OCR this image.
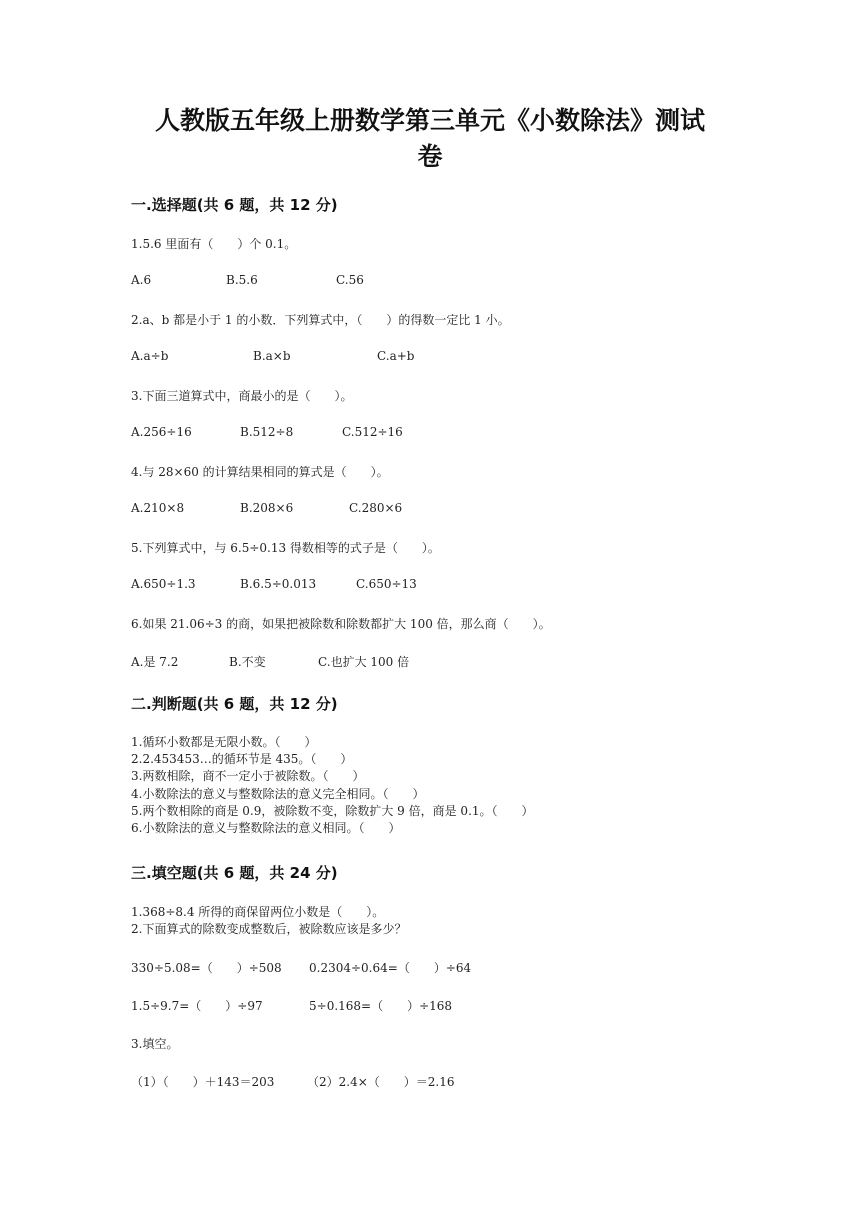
人教版五年级上册数学第三单元《小数除法》测试
卷
一.选择题(共 6 题，共 12 分)
1.5.6 里面有（　　）个 0.1。
A.6	B.5.6	C.56
2.a、b 都是小于 1 的小数．下列算式中，（　　）的得数一定比 1 小。
A.a÷b	B.a×b	C.a+b
3.下面三道算式中，商最小的是（　　）。
A.256÷16	B.512÷8	C.512÷16
4.与 28×60 的计算结果相同的算式是（　　）。
A.210×8	B.208×6	C.280×6
5.下列算式中，与 6.5÷0.13 得数相等的式子是（　　）。
A.650÷1.3	B.6.5÷0.013	C.650÷13
6.如果 21.06÷3 的商，如果把被除数和除数都扩大 100 倍，那么商（　　）。
A.是 7.2	B.不变	C.也扩大 100 倍
二.判断题(共 6 题，共 12 分)
1.循环小数都是无限小数。（　　）
2.2.453453…的循环节是 435。（　　）
3.两数相除，商不一定小于被除数。（　　）
4.小数除法的意义与整数除法的意义完全相同。（　　）
5.两个数相除的商是 0.9，被除数不变，除数扩大 9 倍，商是 0.1。（　　）
6.小数除法的意义与整数除法的意义相同。（　　）
三.填空题(共 6 题，共 24 分)
1.368÷8.4 所得的商保留两位小数是（　　）。
2.下面算式的除数变成整数后，被除数应该是多少？
330÷5.08=（　　）÷508 0.2304÷0.64=（　　）÷64
1.5÷9.7=（　　）÷97	5÷0.168=（　　）÷168
3.填空。
（1）（　　）＋143＝203	（2）2.4×（　　）＝2.16
